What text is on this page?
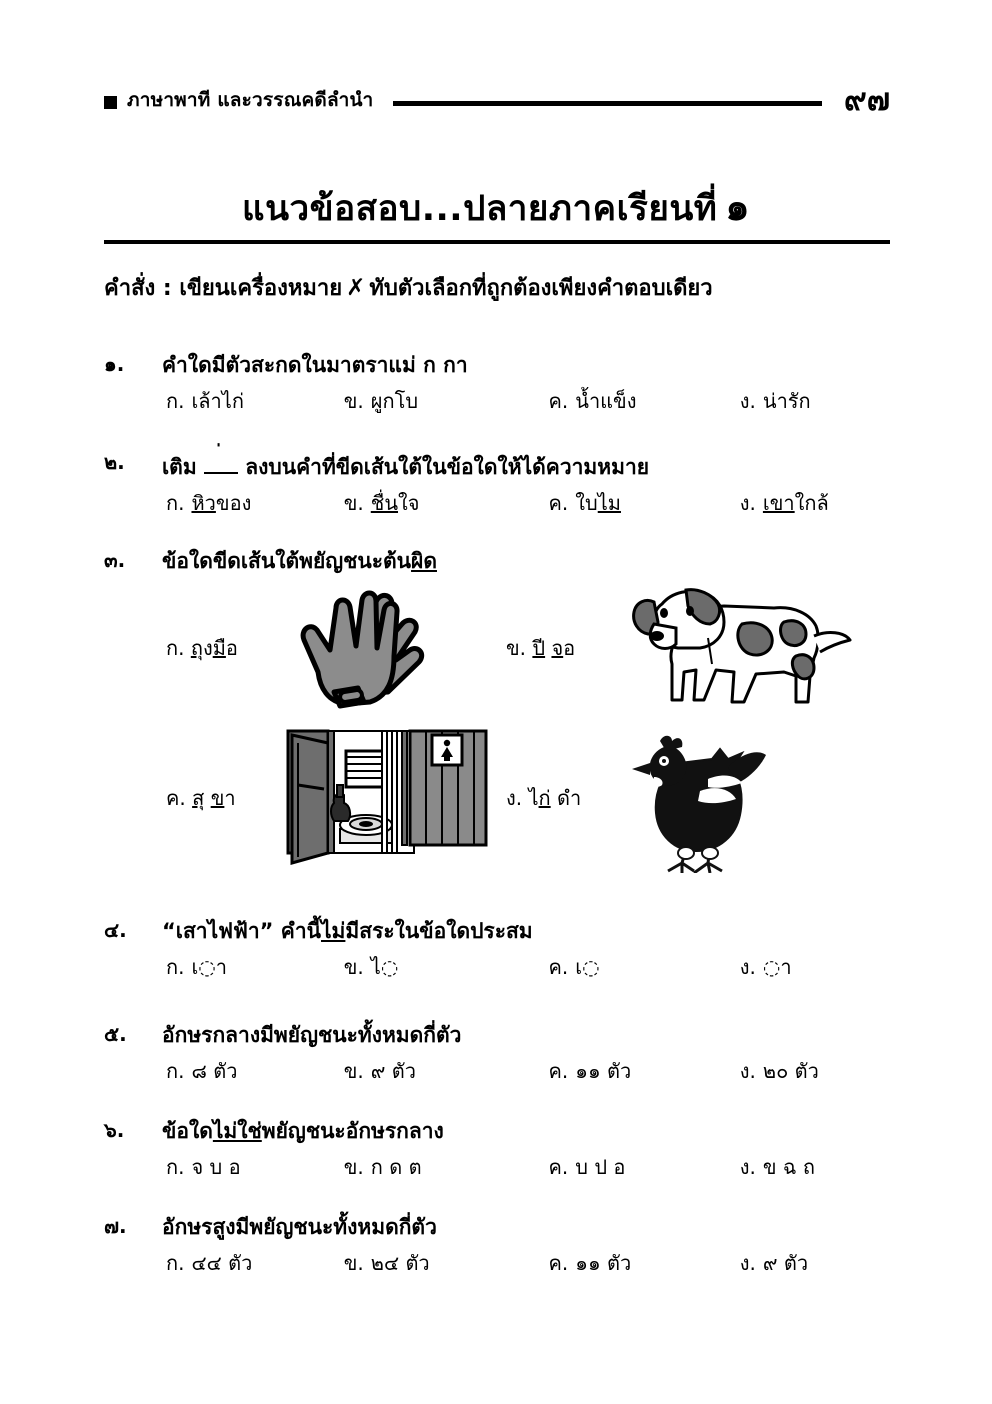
ภาษาพาที และวรรณคดีลำนำ	๙๗
แนวข้อสอบ...ปลายภาคเรียนที่ ๑
คำสั่ง : เขียนเครื่องหมาย ✗ ทับตัวเลือกที่ถูกต้องเพียงคำตอบเดียว
๑.	คำใดมีตัวสะกดในมาตราแม่ ก กา
ก. เล้าไก่	ข. ผูกโบ	ค. น้ำแข็ง	ง. น่ารัก
๒.	เติม ลงบนคำที่ขีดเส้นใต้ในข้อใดให้ได้ความหมาย
ก. หิวของ	ข. ชื่นใจ	ค. ใบไม	ง. เขาใกล้
๓.	ข้อใดขีดเส้นใต้พยัญชนะต้นผิด
ก. ถุงมือ	ข. ปี จอ
ค. สุ ขา	ง. ไก่ ด
๔.	“เสาไฟฟ้า” คำนี้ไม่มีสระในข้อใดประสม
ก. เ◌า	ข. ไ◌	ค. เ◌	ง. ◌า
๕.	อักษรกลางมีพยัญชนะทั้งหมดกี่ตัว
ก. ๘ ตัว	ข. ๙ ตัว	ค. ๑๑ ตัว	ง. ๒๐ ตัว
๖.	ข้อใดไม่ใช่พยัญชนะอักษรกลาง
ก. จ บ อ	ข. ก ด ต	ค. บ ป อ	ง. ข ฉ ถ
๗.	อักษรสูงมีพยัญชนะทั้งหมดกี่ตัว
ก. ๔๔ ตัว	ข. ๒๔ ตัว	ค. ๑๑ ตัว	ง. ๙ ตัว
